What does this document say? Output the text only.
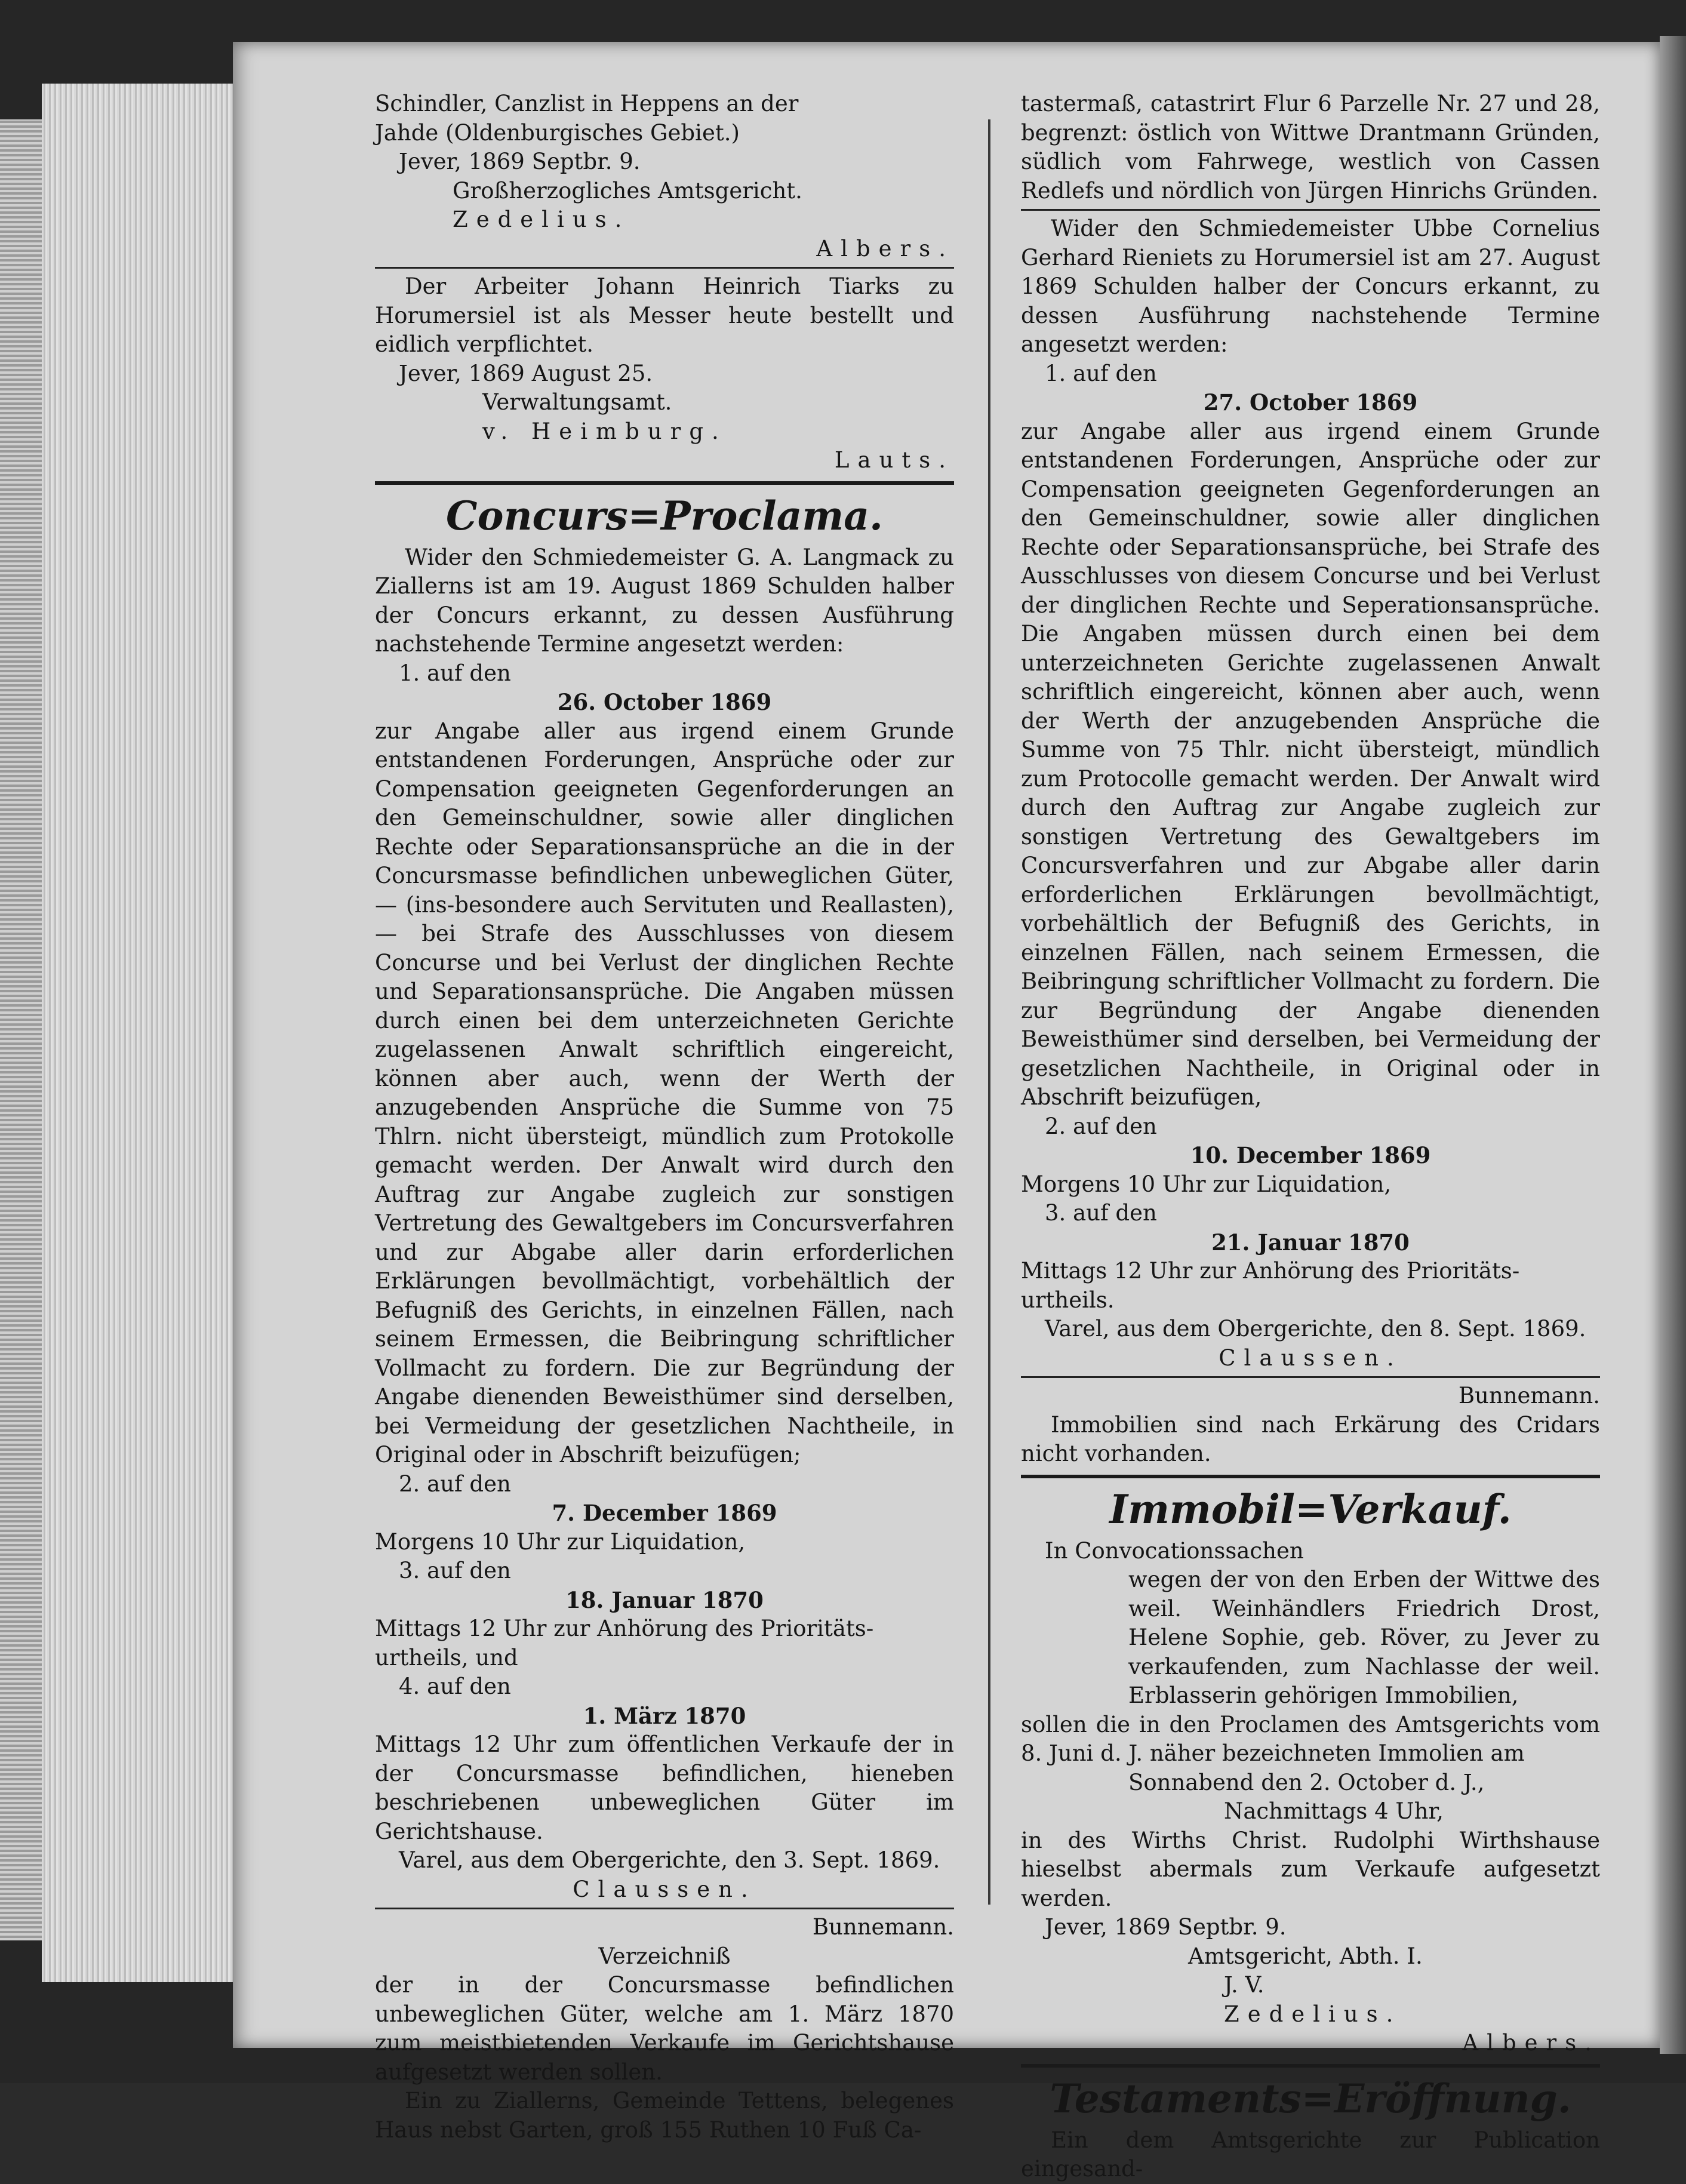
Schindler, Canzlist in Heppens an der
Jahde (Oldenburgisches Gebiet.)

Jever, 1869 Septbr. 9.

Großherzogliches Amtsgericht.

Zedelius.

Albers.

Der Arbeiter Johann Heinrich Tiarks zu Horumersiel ist als Messer heute bestellt und eidlich verpflichtet.

Jever, 1869 August 25.

Verwaltungsamt.

v. Heimburg.

Lauts.

Concurs=Proclama.

Wider den Schmiedemeister G. A. Langmack zu Ziallerns ist am 19. August 1869 Schulden halber der Concurs erkannt, zu dessen Ausführung nachstehende Termine angesetzt werden:

1. auf den

26. October 1869

zur Angabe aller aus irgend einem Grunde entstandenen Forderungen, Ansprüche oder zur Compensation geeigneten Gegenforderungen an den Gemeinschuldner, sowie aller dinglichen Rechte oder Separationsansprüche an die in der Concursmasse befindlichen unbeweglichen Güter, — (ins-besondere auch Servituten und Reallasten), — bei Strafe des Ausschlusses von diesem Concurse und bei Verlust der dinglichen Rechte und Separationsansprüche. Die Angaben müssen durch einen bei dem unterzeichneten Gerichte zugelassenen Anwalt schriftlich eingereicht, können aber auch, wenn der Werth der anzugebenden Ansprüche die Summe von 75 Thlrn. nicht übersteigt, mündlich zum Protokolle gemacht werden. Der Anwalt wird durch den Auftrag zur Angabe zugleich zur sonstigen Vertretung des Gewaltgebers im Concursverfahren und zur Abgabe aller darin erforderlichen Erklärungen bevollmächtigt, vorbehältlich der Befugniß des Gerichts, in einzelnen Fällen, nach seinem Ermessen, die Beibringung schriftlicher Vollmacht zu fordern. Die zur Begründung der Angabe dienenden Beweisthümer sind derselben, bei Vermeidung der gesetzlichen Nachtheile, in Original oder in Abschrift beizufügen;

2. auf den

7. December 1869

Morgens 10 Uhr zur Liquidation,

3. auf den

18. Januar 1870

Mittags 12 Uhr zur Anhörung des Prioritäts-

urtheils, und

4. auf den

1. März 1870

Mittags 12 Uhr zum öffentlichen Verkaufe der in der Concursmasse befindlichen, hieneben beschriebenen unbeweglichen Güter im Gerichtshause.

Varel, aus dem Obergerichte, den 3. Sept. 1869.

Claussen.

Bunnemann.

Verzeichniß

der in der Concursmasse befindlichen unbeweglichen Güter, welche am 1. März 1870 zum meistbietenden Verkaufe im Gerichtshause aufgesetzt werden sollen.

Ein zu Ziallerns, Gemeinde Tettens, belegenes Haus nebst Garten, groß 155 Ruthen 10 Fuß Ca-

tastermaß, catastrirt Flur 6 Parzelle Nr. 27 und 28, begrenzt: östlich von Wittwe Drantmann Gründen, südlich vom Fahrwege, westlich von Cassen Redlefs und nördlich von Jürgen Hinrichs Gründen.

Wider den Schmiedemeister Ubbe Cornelius Gerhard Rieniets zu Horumersiel ist am 27. August 1869 Schulden halber der Concurs erkannt, zu dessen Ausführung nachstehende Termine angesetzt werden:

1. auf den

27. October 1869

zur Angabe aller aus irgend einem Grunde entstandenen Forderungen, Ansprüche oder zur Compensation geeigneten Gegenforderungen an den Gemeinschuldner, sowie aller dinglichen Rechte oder Separationsansprüche, bei Strafe des Ausschlusses von diesem Concurse und bei Verlust der dinglichen Rechte und Seperationsansprüche. Die Angaben müssen durch einen bei dem unterzeichneten Gerichte zugelassenen Anwalt schriftlich eingereicht, können aber auch, wenn der Werth der anzugebenden Ansprüche die Summe von 75 Thlr. nicht übersteigt, mündlich zum Protocolle gemacht werden. Der Anwalt wird durch den Auftrag zur Angabe zugleich zur sonstigen Vertretung des Gewaltgebers im Concursverfahren und zur Abgabe aller darin erforderlichen Erklärungen bevollmächtigt, vorbehältlich der Befugniß des Gerichts, in einzelnen Fällen, nach seinem Ermessen, die Beibringung schriftlicher Vollmacht zu fordern. Die zur Begründung der Angabe dienenden Beweisthümer sind derselben, bei Vermeidung der gesetzlichen Nachtheile, in Original oder in Abschrift beizufügen,

2. auf den

10. December 1869

Morgens 10 Uhr zur Liquidation,

3. auf den

21. Januar 1870

Mittags 12 Uhr zur Anhörung des Prioritäts-

urtheils.

Varel, aus dem Obergerichte, den 8. Sept. 1869.

Claussen.

Bunnemann.

Immobilien sind nach Erkärung des Cridars nicht vorhanden.

Immobil=Verkauf.

In Convocationssachen

wegen der von den Erben der Wittwe des weil. Weinhändlers Friedrich Drost, Helene Sophie, geb. Röver, zu Jever zu verkaufenden, zum Nachlasse der weil. Erblasserin gehörigen Immobilien,

sollen die in den Proclamen des Amtsgerichts vom 8. Juni d. J. näher bezeichneten Immolien am

Sonnabend den 2. October d. J.,

Nachmittags 4 Uhr,

in des Wirths Christ. Rudolphi Wirthshause hieselbst abermals zum Verkaufe aufgesetzt werden.

Jever, 1869 Septbr. 9.

Amtsgericht, Abth. I.

J. V.

Zedelius.

Albers.

Testaments=Eröffnung.

Ein dem Amtsgerichte zur Publication eingesand-
